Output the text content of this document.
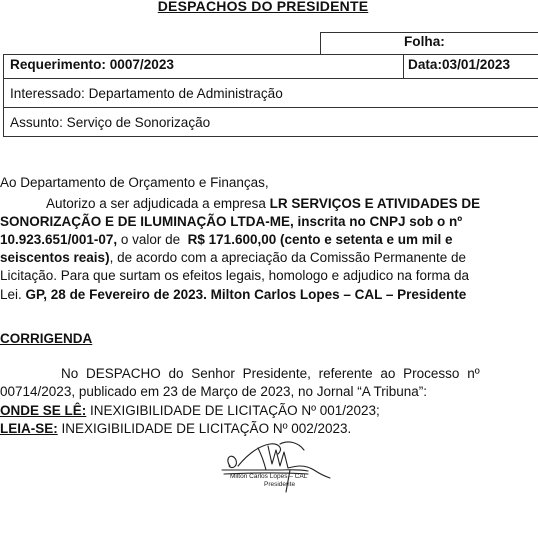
DESPACHOS DO PRESIDENTE
Folha:
Requerimento: 0007/2023	Data:03/01/2023
Interessado: Departamento de Administração
Assunto: Serviço de Sonorização
Ao Departamento de Orçamento e Finanças,
Autorizo a ser adjudicada a empresa LR SERVIÇOS E ATIVIDADES DE
SONORIZAÇÃO E DE ILUMINAÇÃO LTDA-ME, inscrita no CNPJ sob o nº
10.923.651/001-07, o valor de  R$ 171.600,00 (cento e setenta e um mil e
seiscentos reais), de acordo com a apreciação da Comissão Permanente de
Licitação. Para que surtam os efeitos legais, homologo e adjudico na forma da
Lei. GP, 28 de Fevereiro de 2023. Milton Carlos Lopes – CAL – Presidente
CORRIGENDA
No DESPACHO do Senhor Presidente, referente ao Processo nº
00714/2023, publicado em 23 de Março de 2023, no Jornal “A Tribuna”:
ONDE SE LÊ: INEXIGIBILIDADE DE LICITAÇÃO Nº 001/2023;
LEIA-SE: INEXIGIBILIDADE DE LICITAÇÃO Nº 002/2023.
Milton Carlos Lopes – CAL
Presidente
